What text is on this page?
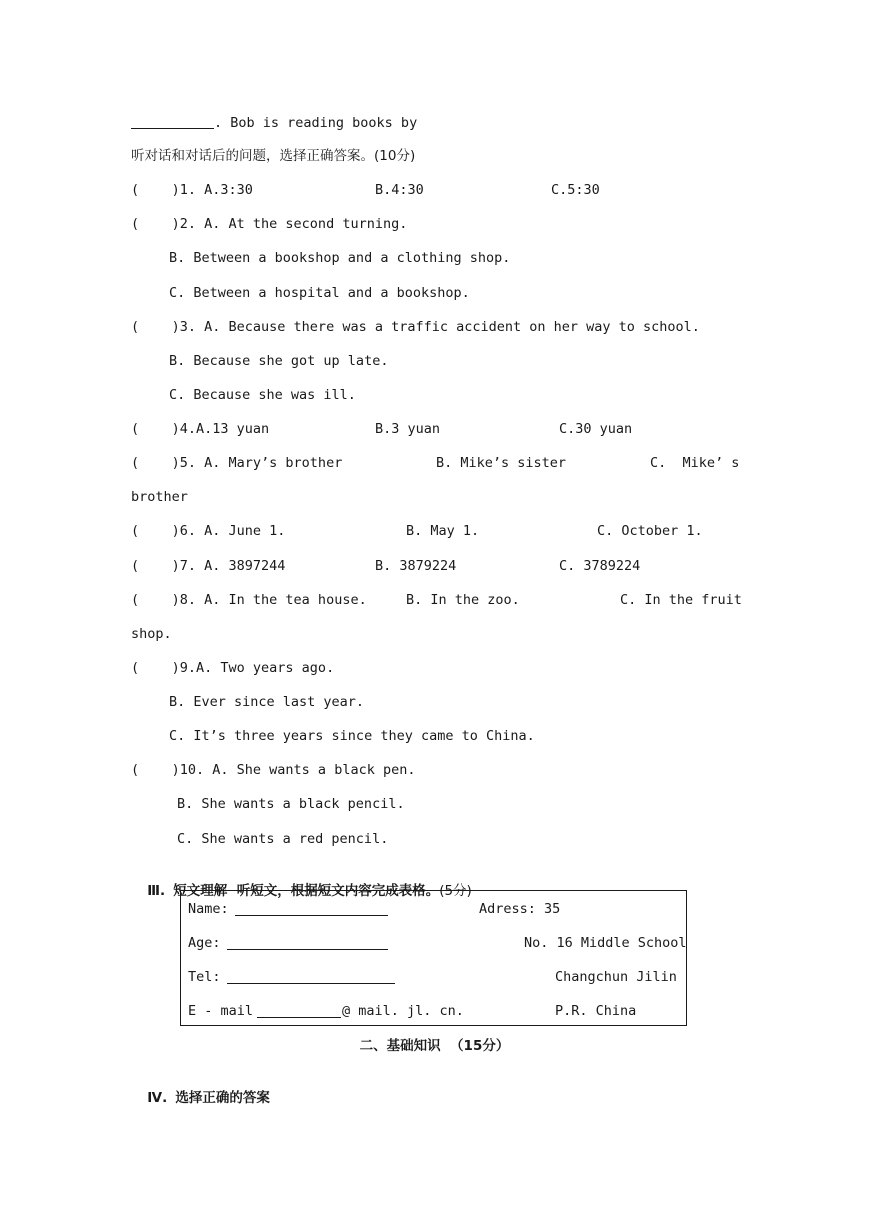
. Bob is reading books by
听对话和对话后的问题，选择正确答案。(10分)
(    )1. A.3:30	B.4:30	C.5:30
(    )2. A. At the second turning.
B. Between a bookshop and a clothing shop.
C. Between a hospital and a bookshop.
(    )3. A. Because there was a traffic accident on her way to school.
B. Because she got up late.
C. Because she was ill.
(    )4.A.13 yuan	B.3 yuan	C.30 yuan
(    )5. A. Mary’s brother	B. Mike’s sister	C.  Mike’ s
brother
(    )6. A. June 1.	B. May 1.	C. October 1.
(    )7. A. 3897244	B. 3879224	C. 3789224
(    )8. A. In the tea house.	B. In the zoo.	C. In the fruit
shop.
(    )9.A. Two years ago.
B. Ever since last year.
C. It’s three years since they came to China.
(    )10. A. She wants a black pen.
B. She wants a black pencil.
C. She wants a red pencil.

Ⅲ. 短文理解  听短文，根据短文内容完成表格。(5分)

Name:	Adress: 35
Age:	No. 16 Middle School
Tel:	Changchun Jilin
E - mail	@ mail. jl. cn.	P.R. China
二、基础知识  （15分）

Ⅳ. 选择正确的答案
